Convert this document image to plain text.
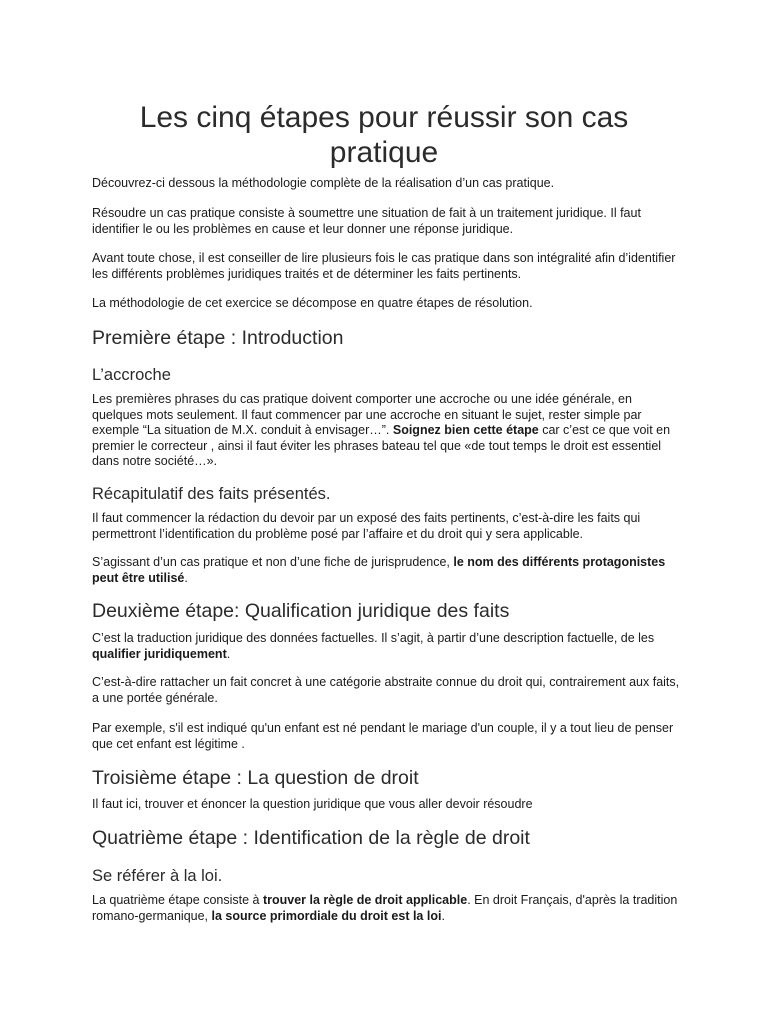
Les cinq étapes pour réussir son cas pratique

Découvrez-ci dessous la méthodologie complète de la réalisation d’un cas pratique.

Résoudre un cas pratique consiste à soumettre une situation de fait à un traitement juridique. Il faut identifier le ou les problèmes en cause et leur donner une réponse juridique.

Avant toute chose, il est conseiller de lire plusieurs fois le cas pratique dans son intégralité afin d’identifier les différents problèmes juridiques traités et de déterminer les faits pertinents.

La méthodologie de cet exercice se décompose en quatre étapes de résolution.

Première étape : Introduction
L’accroche

Les premières phrases du cas pratique doivent comporter une accroche ou une idée générale, en quelques mots seulement. Il faut commencer par une accroche en situant le sujet, rester simple par exemple “La situation de M.X. conduit à envisager…”. Soignez bien cette étape car c’est ce que voit en premier le correcteur , ainsi il faut éviter les phrases bateau tel que «de tout temps le droit est essentiel dans notre société…».

Récapitulatif des faits présentés.

Il faut commencer la rédaction du devoir par un exposé des faits pertinents, c’est-à-dire les faits qui permettront l’identification du problème posé par l’affaire et du droit qui y sera applicable.

S’agissant d’un cas pratique et non d’une fiche de jurisprudence, le nom des différents protagonistes peut être utilisé.

Deuxième étape: Qualification juridique des faits

C’est la traduction juridique des données factuelles. Il s’agit, à partir d’une description factuelle, de les qualifier juridiquement.

C’est-à-dire rattacher un fait concret à une catégorie abstraite connue du droit qui, contrairement aux faits, a une portée générale.

Par exemple, s'il est indiqué qu'un enfant est né pendant le mariage d'un couple, il y a tout lieu de penser que cet enfant est légitime .

Troisième étape : La question de droit

Il faut ici, trouver et énoncer la question juridique que vous aller devoir résoudre

Quatrième étape : Identification de la règle de droit
Se référer à la loi.

La quatrième étape consiste à trouver la règle de droit applicable. En droit Français, d'après la tradition romano-germanique, la source primordiale du droit est la loi.
